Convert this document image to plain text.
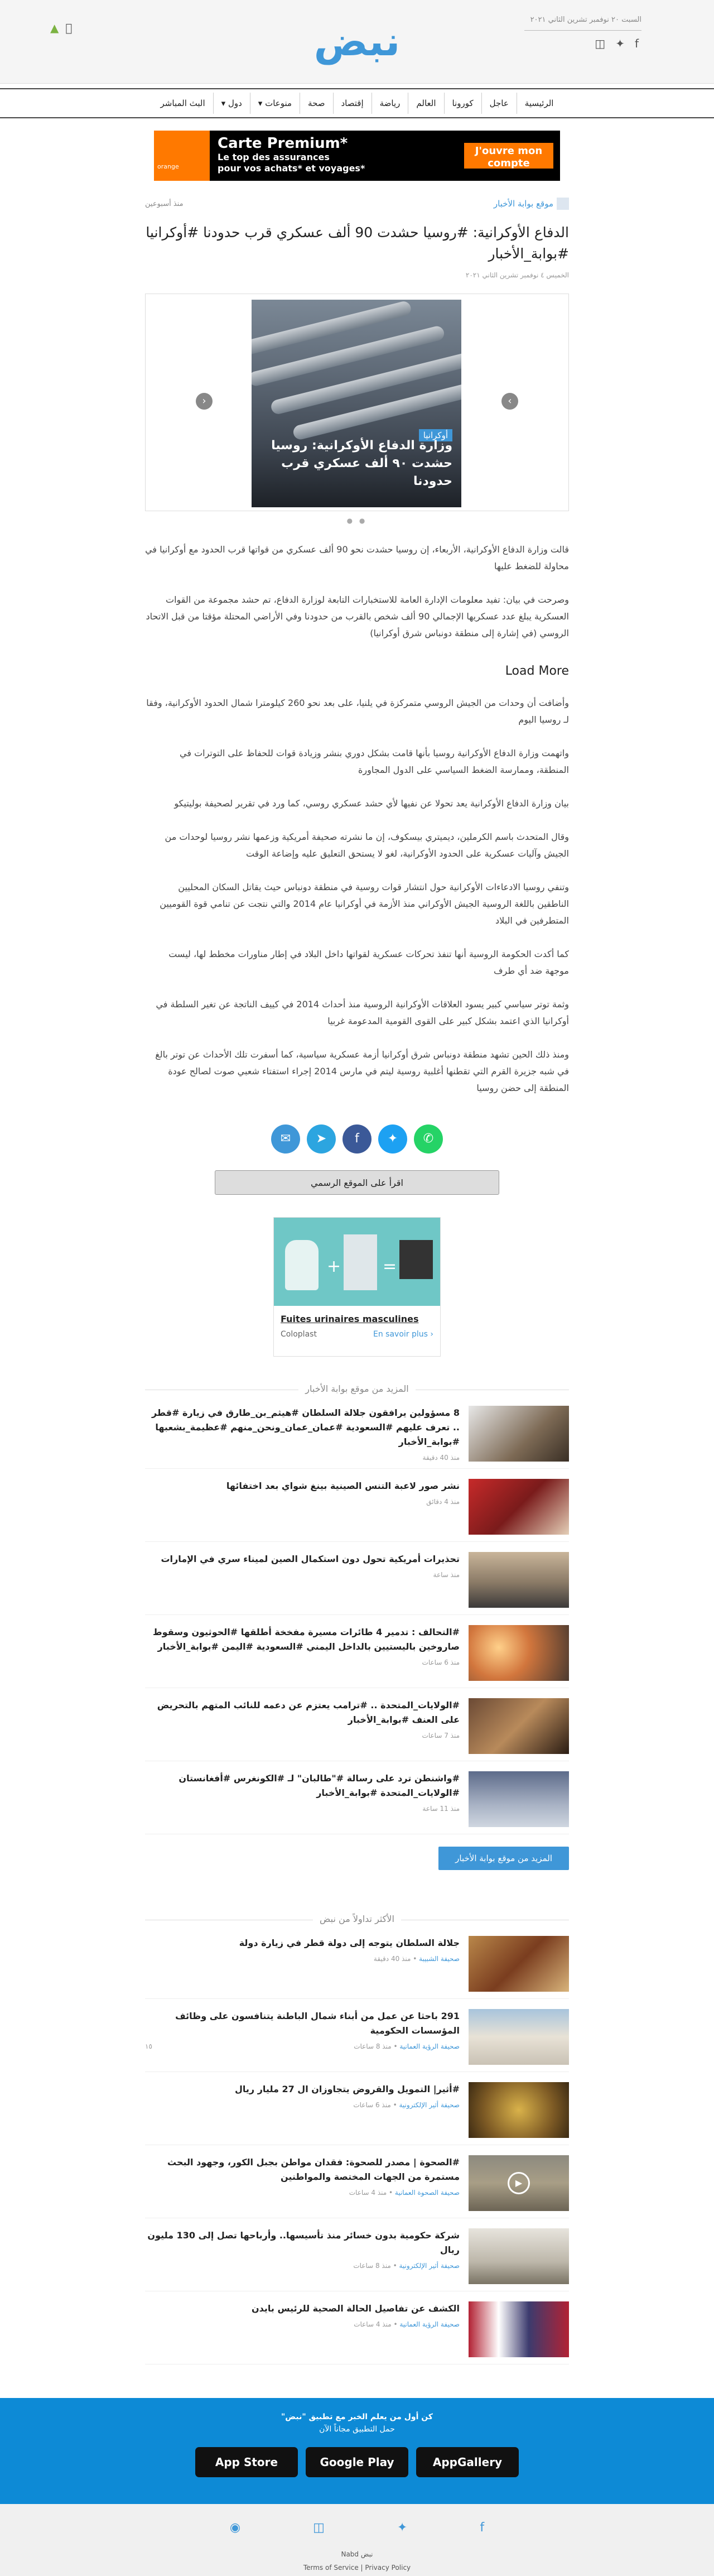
▲	نبض	السبت ٢٠ نوفمبر تشرين الثاني ٢٠٢١
f
✦
◫
الرئيسية
عاجل
كورونا
العالم
رياضة
إقتصاد
صحة
منوعات ▾
دول ▾
البث المباشر
orange
Carte Premium*
Le top des assurances
pour vos achats* et voyages*
J'ouvre mon compte
موقع بوابة الأخبار
منذ أسبوعين
الدفاع الأوكرانية: #روسيا حشدت 90 ألف عسكري قرب حدودنا #أوكرانيا #بوابة_الأخبار
الخميس ٤ نوفمبر تشرين الثاني ٢٠٢١
‹
أوكرانيا
وزارة الدفاع الأوكرانية: روسيا حشدت ٩٠ ألف عسكري قرب حدودنا
›
● ●

قالت وزارة الدفاع الأوكرانية، الأربعاء، إن روسيا حشدت نحو 90 ألف عسكري من قواتها قرب الحدود مع أوكرانيا في محاولة للضغط عليها

وصرحت في بيان: تفيد معلومات الإدارة العامة للاستخبارات التابعة لوزارة الدفاع، تم حشد مجموعة من القوات العسكرية يبلغ عدد عسكريها الإجمالي 90 ألف شخص بالقرب من حدودنا وفي الأراضي المحتلة مؤقتا من قبل الاتحاد الروسي (في إشارة إلى منطقة دونباس شرق أوكرانيا)

Load More

وأضافت أن وحدات من الجيش الروسي متمركزة في يلنيا، على بعد نحو 260 كيلومترا شمال الحدود الأوكرانية، وفقا لـ روسيا اليوم

واتهمت وزارة الدفاع الأوكرانية روسيا بأنها قامت بشكل دوري بنشر وزيادة قوات للحفاظ على التوترات في المنطقة، وممارسة الضغط السياسي على الدول المجاورة

بيان وزارة الدفاع الأوكرانية يعد تحولا عن نفيها لأي حشد عسكري روسي، كما ورد في تقرير لصحيفة بوليتيكو

وقال المتحدث باسم الكرملين، ديميتري بيسكوف، إن ما نشرته صحيفة أمريكية وزعمها نشر روسيا لوحدات من الجيش وآليات عسكرية على الحدود الأوكرانية، لغو لا يستحق التعليق عليه وإضاعة الوقت

وتنفي روسيا الادعاءات الأوكرانية حول انتشار قوات روسية في منطقة دونباس حيث يقاتل السكان المحليين الناطقين باللغة الروسية الجيش الأوكراني منذ الأزمة في أوكرانيا عام 2014 والتي نتجت عن تنامي قوة القوميين المتطرفين في البلاد

كما أكدت الحكومة الروسية أنها تنفذ تحركات عسكرية لقواتها داخل البلاد في إطار مناورات مخطط لها، ليست موجهة ضد أي طرف

وثمة توتر سياسي كبير يسود العلاقات الأوكرانية الروسية منذ أحداث 2014 في كييف الناتجة عن تغير السلطة في أوكرانيا الذي اعتمد بشكل كبير على القوى القومية المدعومة غربيا

ومنذ ذلك الحين تشهد منطقة دونباس شرق أوكرانيا أزمة عسكرية سياسية، كما أسفرت تلك الأحداث عن توتر بالغ في شبه جزيرة القرم التي تقطنها أغلبية روسية ليتم في مارس 2014 إجراء استفتاء شعبي صوت لصالح عودة المنطقة إلى حضن روسيا

✆
✦
f
➤
✉
اقرأ على الموقع الرسمي
+ =
Fuites urinaires masculines
Coloplast	En savoir plus ›
المزيد من موقع بوابة الأخبار
8 مسؤولين يرافقون جلالة السلطان #هيثم_بن_طارق في زيارة #قطر .. تعرف عليهم #السعودية #عمان_عمان_ونحن_منهم #عظيمة_بشعبها #بوابة_الأخبار
منذ 40 دقيقة
نشر صور لاعبة التنس الصينية بينغ شواي بعد اختفائها
منذ 4 دقائق
تحذيرات أمريكية تحول دون استكمال الصين لميناء سري في الإمارات
منذ ساعة
#التحالف : تدمير 4 طائرات مسيرة مفخخة أطلقها #الحوثيون وسقوط صاروخين باليستيين بالداخل اليمني #السعودية #اليمن #بوابة_الأخبار
منذ 6 ساعات
#الولايات_المتحدة .. #ترامب يعتزم عن دعمه للنائب المتهم بالتحريض على العنف #بوابة_الأخبار
منذ 7 ساعات
#واشنطن ترد على رسالة #"طالبان" لـ #الكونغرس #أفغانستان #الولايات_المتحدة #بوابة_الأخبار
منذ 11 ساعة
المزيد من موقع بوابة الأخبار
الأكثر تداولاً من نبض
جلالة السلطان يتوجه إلى دولة قطر في زيارة دولة
صحيفة الشبيبة • منذ 40 دقيقة
291 باحثا عن عمل من أبناء شمال الباطنة يتنافسون على وظائف المؤسسات الحكومية
صحيفة الرؤية العمانية • منذ 8 ساعات
١٥
#أثير| التمويل والقروض يتجاوزان ال 27 مليار ريال
صحيفة أثير الإلكترونية • منذ 6 ساعات
▶
#الصحوة | مصدر للصحوة: فقدان مواطن بجبل الكور، وجهود البحث مستمرة من الجهات المختصة والمواطنين
صحيفة الصحوة العمانية • منذ 4 ساعات
شركة حكومية بدون خسائر منذ تأسيسها.. وأرباحها تصل إلى 130 مليون ريال
صحيفة أثير الإلكترونية • منذ 8 ساعات
الكشف عن تفاصيل الحالة الصحية للرئيس بايدن
صحيفة الرؤية العمانية • منذ 4 ساعات
كن أول من يعلم الخبر مع تطبيق "نبض"
حمل التطبيق مجاناً الآن
App Store	Google Play	AppGallery
f
✦
◫
◉
نبض Nabd
Terms of Service | Privacy Policy
